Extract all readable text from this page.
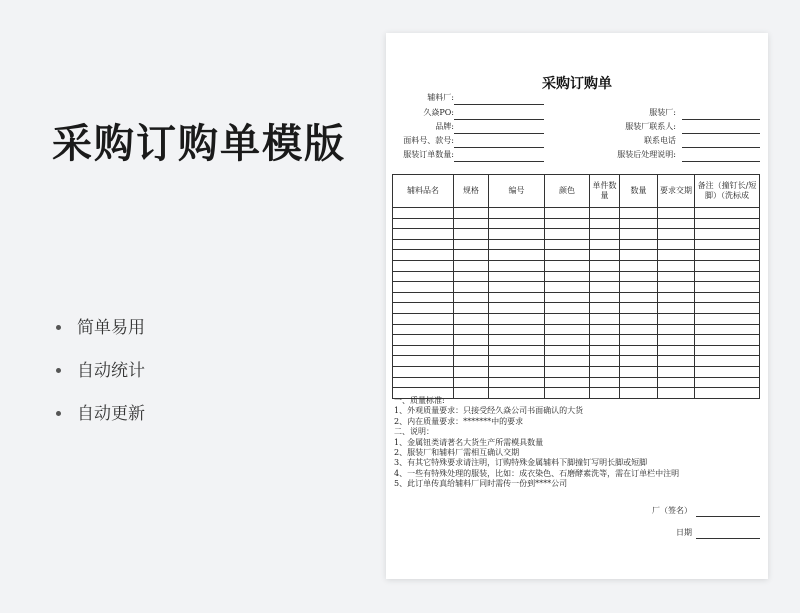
采购订购单模版
简单易用
自动统计
自动更新
采购订购单
辅料厂:
久焱PO:
品牌:
面料号、款号:
服装订单数量:
服装厂:
服装厂联系人:
联系电话
服装后处理说明:
辅料品名	规格	编号	颜色	单件数量	数量	要求交期	备注（撞钉长/短脚）（洗标成

一、质量标准:
1、外观质量要求：只接受经久焱公司书面确认的大货
2、内在质量要求：*******中的要求
二、说明：
1、金属钮类请著名大货生产所需模具数量
2、服装厂和辅料厂需相互确认交期
3、有其它特殊要求请注明，订购特殊金属辅料下脚撞钉写明长脚或短脚
4、一些有特殊处理的服装，比如：成衣染色、石磨酵素洗等，需在订单栏中注明
5、此订单传真给辅料厂同时需传一份到****公司
厂（签名）
日期
